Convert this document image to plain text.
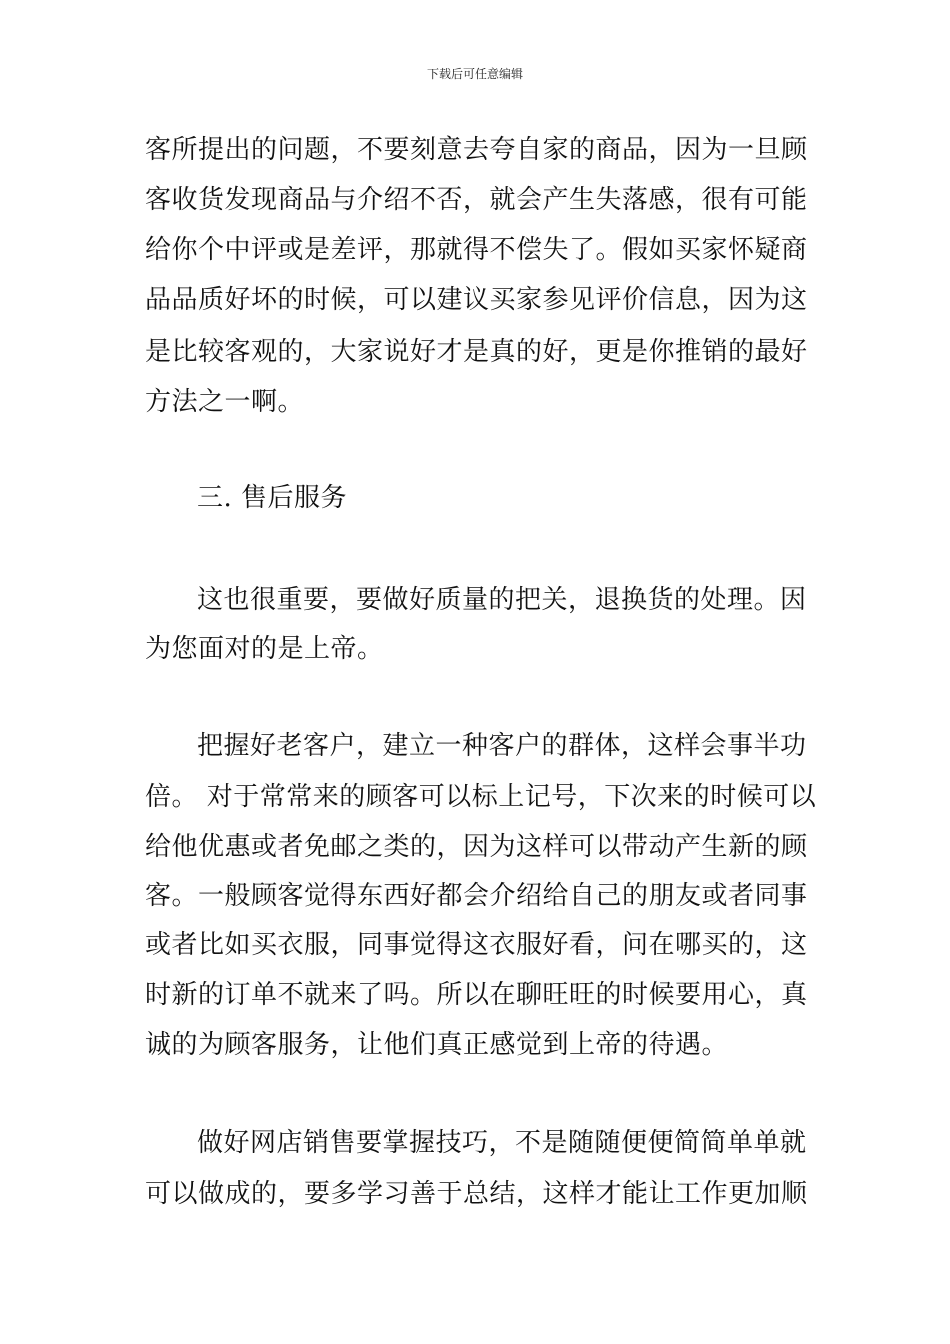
下载后可任意编辑
客所提出的问题，不要刻意去夸自家的商品，因为一旦顾
客收货发现商品与介绍不否，就会产生失落感，很有可能
给你个中评或是差评，那就得不偿失了。假如买家怀疑商
品品质好坏的时候，可以建议买家参见评价信息，因为这
是比较客观的，大家说好才是真的好，更是你推销的最好
方法之一啊。
三. 售后服务
这也很重要，要做好质量的把关，退换货的处理。因
为您面对的是上帝。
把握好老客户，建立一种客户的群体，这样会事半功
倍。 对于常常来的顾客可以标上记号，下次来的时候可以
给他优惠或者免邮之类的，因为这样可以带动产生新的顾
客。一般顾客觉得东西好都会介绍给自己的朋友或者同事
或者比如买衣服，同事觉得这衣服好看，问在哪买的，这
时新的订单不就来了吗。所以在聊旺旺的时候要用心，真
诚的为顾客服务，让他们真正感觉到上帝的待遇。
做好网店销售要掌握技巧，不是随随便便简简单单就
可以做成的，要多学习善于总结，这样才能让工作更加顺
